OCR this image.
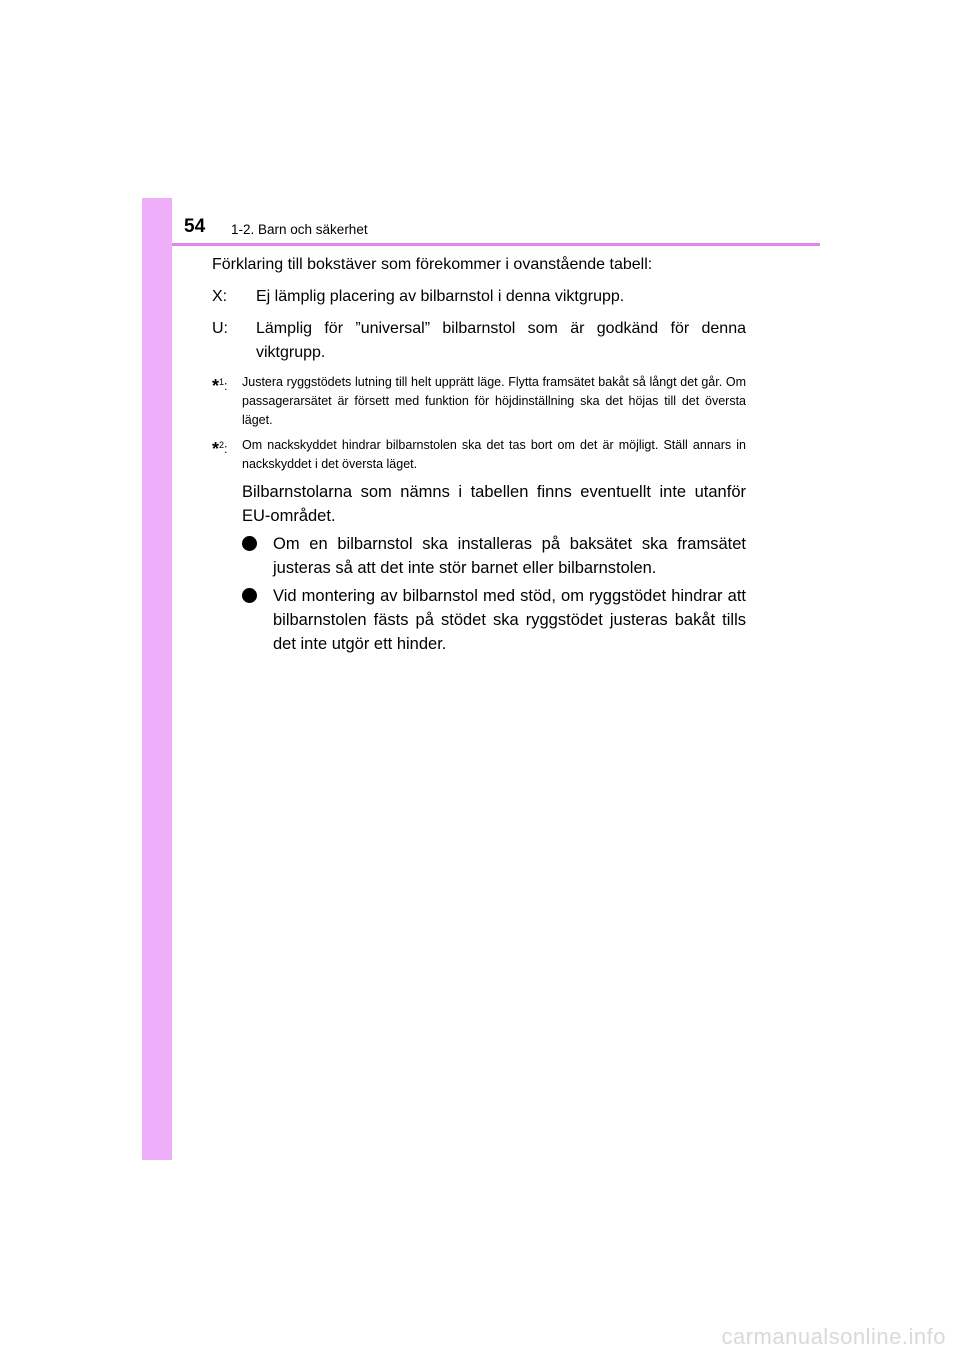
54 1-2. Barn och säkerhet

Förklaring till bokstäver som förekommer i ovanstående tabell:

X: Ej lämplig placering av bilbarnstol i denna viktgrupp.
U: Lämplig för ”universal” bilbarnstol som är godkänd för denna viktgrupp.
*$^1$: Justera ryggstödets lutning till helt upprätt läge. Flytta framsätet bakåt så långt det går. Om passagerarsätet är försett med funktion för höjdinställning ska det höjas till det översta läget.
*$^2$: Om nackskyddet hindrar bilbarnstolen ska det tas bort om det är möjligt. Ställ annars in nackskyddet i det översta läget.

Bilbarnstolarna som nämns i tabellen finns eventuellt inte utanför EU-området.

Om en bilbarnstol ska installeras på baksätet ska framsätet justeras så att det inte stör barnet eller bilbarnstolen.
Vid montering av bilbarnstol med stöd, om ryggstödet hindrar att bilbarnstolen fästs på stödet ska ryggstödet justeras bakåt tills det inte utgör ett hinder.
carmanualsonline.info
